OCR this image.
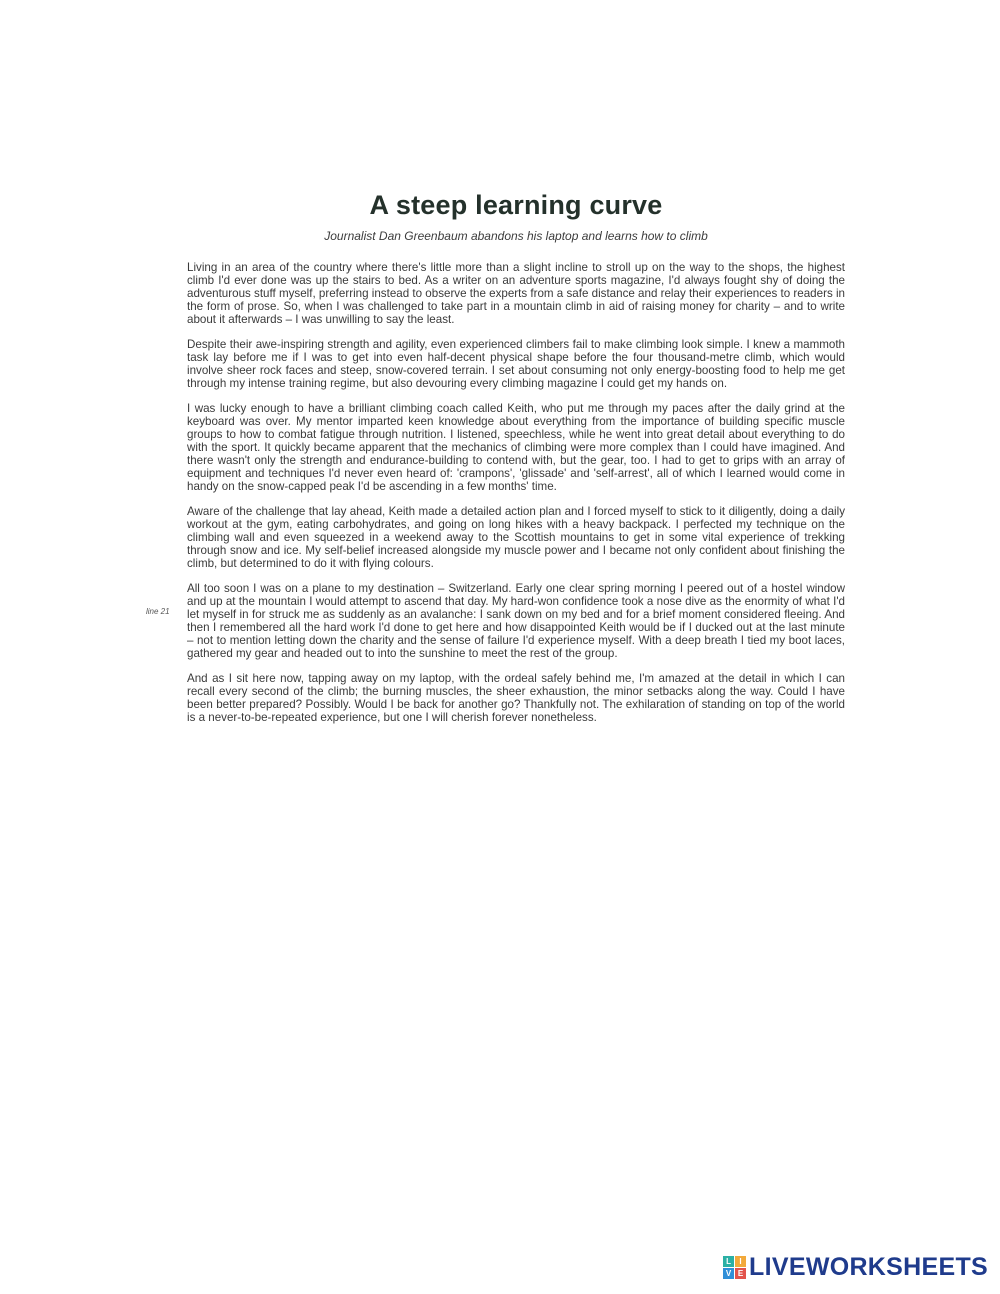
A steep learning curve

Journalist Dan Greenbaum abandons his laptop and learns how to climb

line 21

Living in an area of the country where there's little more than a slight incline to stroll up on the way to the shops, the highest climb I'd ever done was up the stairs to bed. As a writer on an adventure sports magazine, I'd always fought shy of doing the adventurous stuff myself, preferring instead to observe the experts from a safe distance and relay their experiences to readers in the form of prose. So, when I was challenged to take part in a mountain climb in aid of raising money for charity – and to write about it afterwards – I was unwilling to say the least.

Despite their awe-inspiring strength and agility, even experienced climbers fail to make climbing look simple. I knew a mammoth task lay before me if I was to get into even half-decent physical shape before the four thousand-metre climb, which would involve sheer rock faces and steep, snow-covered terrain. I set about consuming not only energy-boosting food to help me get through my intense training regime, but also devouring every climbing magazine I could get my hands on.

I was lucky enough to have a brilliant climbing coach called Keith, who put me through my paces after the daily grind at the keyboard was over. My mentor imparted keen knowledge about everything from the importance of building specific muscle groups to how to combat fatigue through nutrition. I listened, speechless, while he went into great detail about everything to do with the sport. It quickly became apparent that the mechanics of climbing were more complex than I could have imagined. And there wasn't only the strength and endurance-building to contend with, but the gear, too. I had to get to grips with an array of equipment and techniques I'd never even heard of: 'crampons', 'glissade' and 'self-arrest', all of which I learned would come in handy on the snow-capped peak I'd be ascending in a few months' time.

Aware of the challenge that lay ahead, Keith made a detailed action plan and I forced myself to stick to it diligently, doing a daily workout at the gym, eating carbohydrates, and going on long hikes with a heavy backpack. I perfected my technique on the climbing wall and even squeezed in a weekend away to the Scottish mountains to get in some vital experience of trekking through snow and ice. My self-belief increased alongside my muscle power and I became not only confident about finishing the climb, but determined to do it with flying colours.

All too soon I was on a plane to my destination – Switzerland. Early one clear spring morning I peered out of a hostel window and up at the mountain I would attempt to ascend that day. My hard-won confidence took a nose dive as the enormity of what I'd let myself in for struck me as suddenly as an avalanche: I sank down on my bed and for a brief moment considered fleeing. And then I remembered all the hard work I'd done to get here and how disappointed Keith would be if I ducked out at the last minute – not to mention letting down the charity and the sense of failure I'd experience myself. With a deep breath I tied my boot laces, gathered my gear and headed out to into the sunshine to meet the rest of the group.

And as I sit here now, tapping away on my laptop, with the ordeal safely behind me, I'm amazed at the detail in which I can recall every second of the climb; the burning muscles, the sheer exhaustion, the minor setbacks along the way. Could I have been better prepared? Possibly. Would I be back for another go? Thankfully not. The exhilaration of standing on top of the world is a never-to-be-repeated experience, but one I will cherish forever nonetheless.

L	I
V E LIVEWORKSHEETS
